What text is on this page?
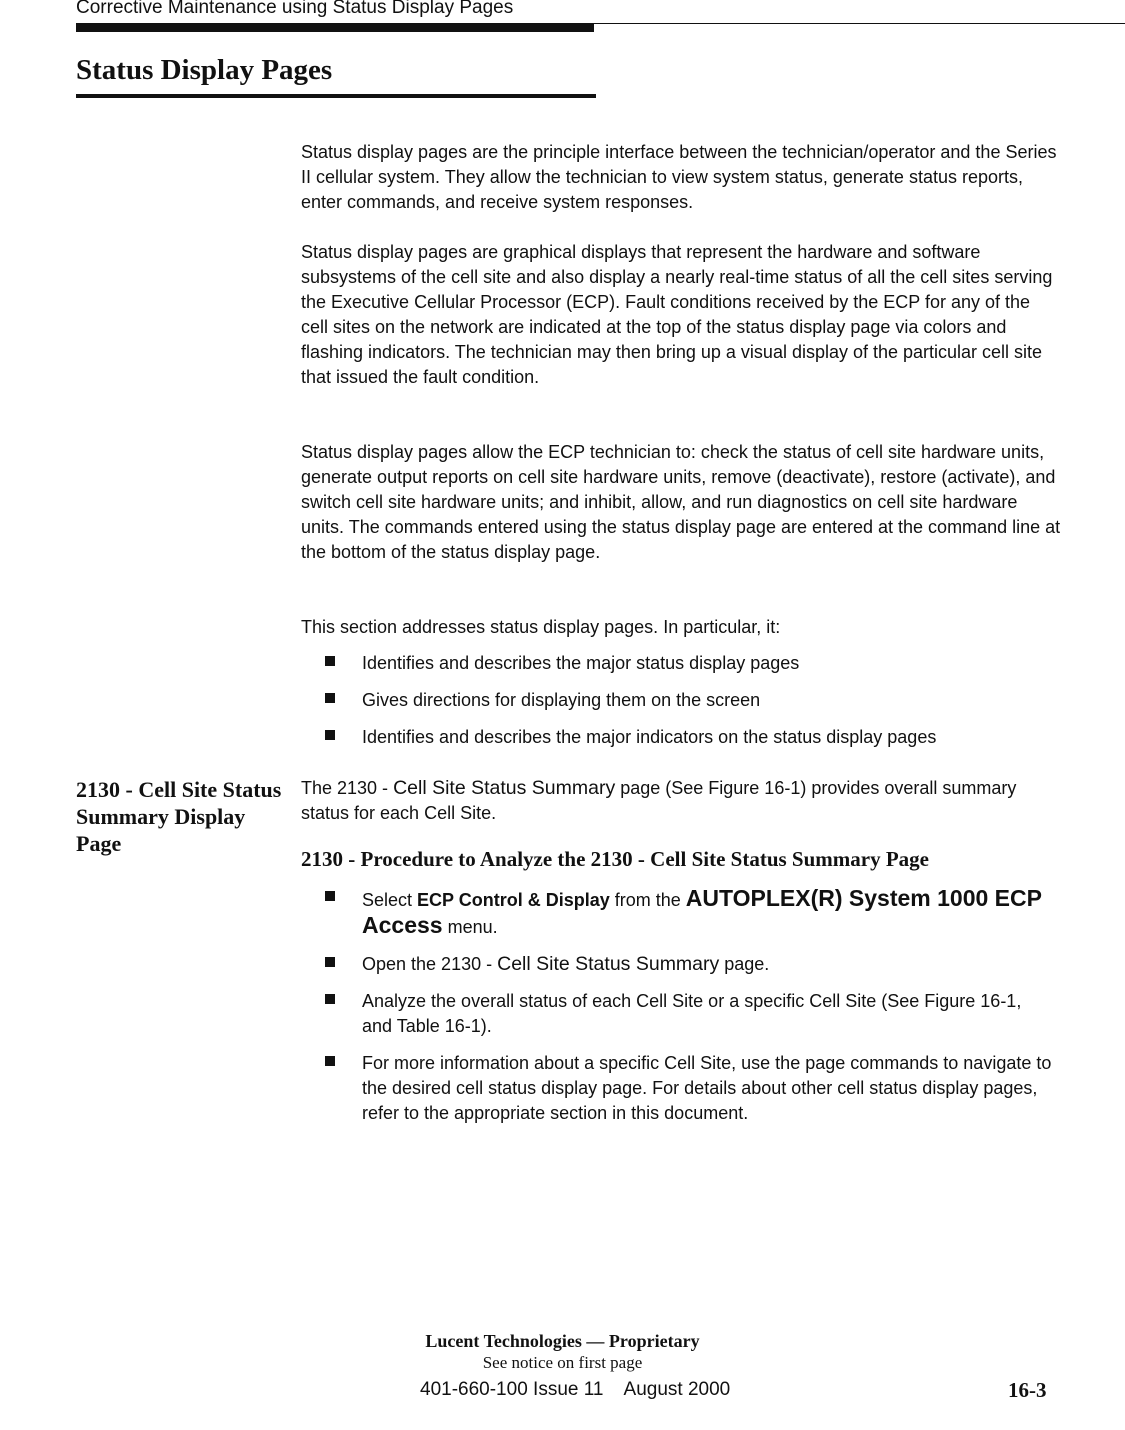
Corrective Maintenance using Status Display Pages
Status Display Pages

Status display pages are the principle interface between the technician/operator and the Series II cellular system. They allow the technician to view system status, generate status reports, enter commands, and receive system responses.

Status display pages are graphical displays that represent the hardware and software subsystems of the cell site and also display a nearly real-time status of all the cell sites serving the Executive Cellular Processor (ECP). Fault conditions received by the ECP for any of the cell sites on the network are indicated at the top of the status display page via colors and flashing indicators. The technician may then bring up a visual display of the particular cell site that issued the fault condition.

Status display pages allow the ECP technician to: check the status of cell site hardware units, generate output reports on cell site hardware units, remove (deactivate), restore (activate), and switch cell site hardware units; and inhibit, allow, and run diagnostics on cell site hardware units. The commands entered using the status display page are entered at the command line at the bottom of the status display page.

This section addresses status display pages. In particular, it:

Identifies and describes the major status display pages
Gives directions for displaying them on the screen
Identifies and describes the major indicators on the status display pages
2130 - Cell Site Status Summary Display Page

The 2130 - Cell Site Status Summary page (See Figure 16-1) provides overall summary status for each Cell Site.

2130 - Procedure to Analyze the 2130 - Cell Site Status Summary Page
Select ECP Control & Display from the AUTOPLEX(R) System 1000 ECP Access menu.
Open the 2130 - Cell Site Status Summary page.
Analyze the overall status of each Cell Site or a specific Cell Site (See Figure 16-1, and Table 16-1).
For more information about a specific Cell Site, use the page commands to navigate to the desired cell status display page. For details about other cell status display pages, refer to the appropriate section in this document.
Lucent Technologies — Proprietary
See notice on first page
401-660-100 Issue 11    August 2000	16-3
